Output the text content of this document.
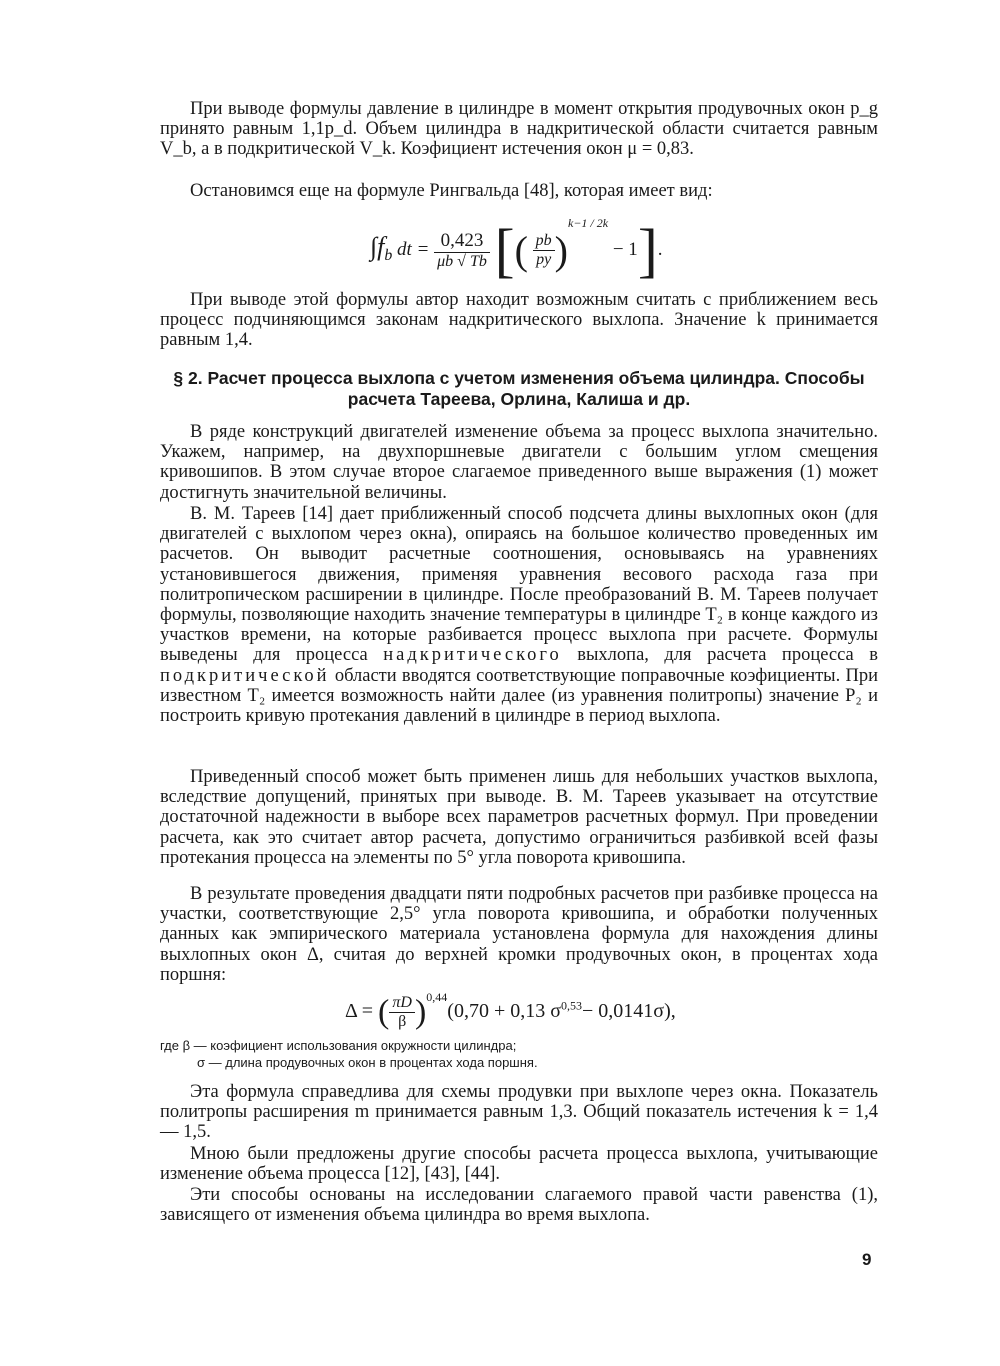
При выводе формулы давление в цилиндре в момент открытия продувочных окон p_g принято равным 1,1p_d. Объем цилиндра в надкритической области считается равным V_b, а в подкритической V_k. Коэфициент истечения окон μ = 0,83.

Остановимся еще на формуле Рингвальда [48], которая имеет вид:

$\int f_b$ dt = $\frac{0,423}{\mu b √ Tb}$ [( $\frac{pb}{py} )^{k-1 / 2k} - 1$].

При выводе этой формулы автор находит возможным считать с приближением весь процесс подчиняющимся законам надкритического выхлопа. Значение k принимается равным 1,4.

§ 2. Расчет процесса выхлопа с учетом изменения объема цилиндра. Способы расчета Тареева, Орлина, Калиша и др.

В ряде конструкций двигателей изменение объема за процесс выхлопа значительно. Укажем, например, на двухпоршневые двигатели с большим углом смещения кривошипов. В этом случае второе слагаемое приведенного выше выражения (1) может достигнуть значительной величины.

В. М. Тареев [14] дает приближенный способ подсчета длины выхлопных окон (для двигателей с выхлопом через окна), опираясь на большое количество проведенных им расчетов. Он выводит расчетные соотношения, основываясь на уравнениях установившегося движения, применяя уравнения весового расхода газа при политропическом расширении в цилиндре. После преобразований В. М. Тареев получает формулы, позволяющие находить значение температуры в цилиндре T₂ в конце каждого из участков времени, на которые разбивается процесс выхлопа при расчете. Формулы выведены для процесса надкритического выхлопа, для расчета процесса в подкритической области вводятся соответствующие поправочные коэфициенты. При известном T₂ имеется возможность найти далее (из уравнения политропы) значение P₂ и построить кривую протекания давлений в цилиндре в период выхлопа.

Приведенный способ может быть применен лишь для небольших участков выхлопа, вследствие допущений, принятых при выводе. В. М. Тареев указывает на отсутствие достаточной надежности в выборе всех параметров расчетных формул. При проведении расчета, как это считает автор расчета, допустимо ограничиться разбивкой всей фазы протекания процесса на элементы по 5° угла поворота кривошипа.

В результате проведения двадцати пяти подробных расчетов при разбивке процесса на участки, соответствующие 2,5° угла поворота кривошипа, и обработки полученных данных как эмпирического материала установлена формула для нахождения длины выхлопных окон Δ, считая до верхней кромки продувочных окон, в процентах хода поршня:

Δ = ( $\frac{\pi D}{\beta} )^{0,44}(0,70 + 0,13$ $\sigma^{0,53}- 0,0141\sigma$),
где β — коэфициент использования окружности цилиндра;
σ — длина продувочных окон в процентах хода поршня.

Эта формула справедлива для схемы продувки при выхлопе через окна. Показатель политропы расширения m принимается равным 1,3. Общий показатель истечения k = 1,4 — 1,5.

Мною были предложены другие способы расчета процесса выхлопа, учитывающие изменение объема процесса [12], [43], [44].

Эти способы основаны на исследовании слагаемого правой части равенства (1), зависящего от изменения объема цилиндра во время выхлопа.

9
